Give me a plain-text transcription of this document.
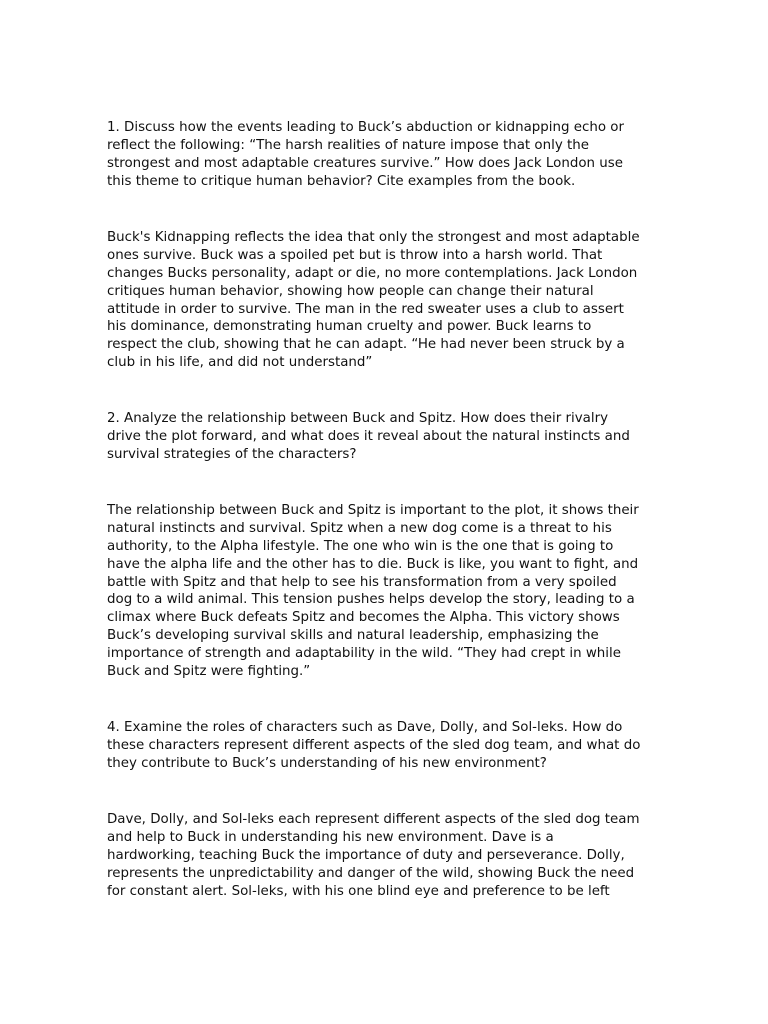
1. Discuss how the events leading to Buck’s abduction or kidnapping echo or
reflect the following: “The harsh realities of nature impose that only the
strongest and most adaptable creatures survive.” How does Jack London use
this theme to critique human behavior? Cite examples from the book.

Buck's Kidnapping reflects the idea that only the strongest and most adaptable
ones survive. Buck was a spoiled pet but is throw into a harsh world. That
changes Bucks personality, adapt or die, no more contemplations. Jack London
critiques human behavior, showing how people can change their natural
attitude in order to survive. The man in the red sweater uses a club to assert
his dominance, demonstrating human cruelty and power. Buck learns to
respect the club, showing that he can adapt. “He had never been struck by a
club in his life, and did not understand”

2. Analyze the relationship between Buck and Spitz. How does their rivalry
drive the plot forward, and what does it reveal about the natural instincts and
survival strategies of the characters?

The relationship between Buck and Spitz is important to the plot, it shows their
natural instincts and survival. Spitz when a new dog come is a threat to his
authority, to the Alpha lifestyle. The one who win is the one that is going to
have the alpha life and the other has to die. Buck is like, you want to fight, and
battle with Spitz and that help to see his transformation from a very spoiled
dog to a wild animal. This tension pushes helps develop the story, leading to a
climax where Buck defeats Spitz and becomes the Alpha. This victory shows
Buck’s developing survival skills and natural leadership, emphasizing the
importance of strength and adaptability in the wild. “They had crept in while
Buck and Spitz were fighting.”

4. Examine the roles of characters such as Dave, Dolly, and Sol-leks. How do
these characters represent different aspects of the sled dog team, and what do
they contribute to Buck’s understanding of his new environment?

Dave, Dolly, and Sol-leks each represent different aspects of the sled dog team
and help to Buck in understanding his new environment. Dave is a
hardworking, teaching Buck the importance of duty and perseverance. Dolly,
represents the unpredictability and danger of the wild, showing Buck the need
for constant alert. Sol-leks, with his one blind eye and preference to be left
